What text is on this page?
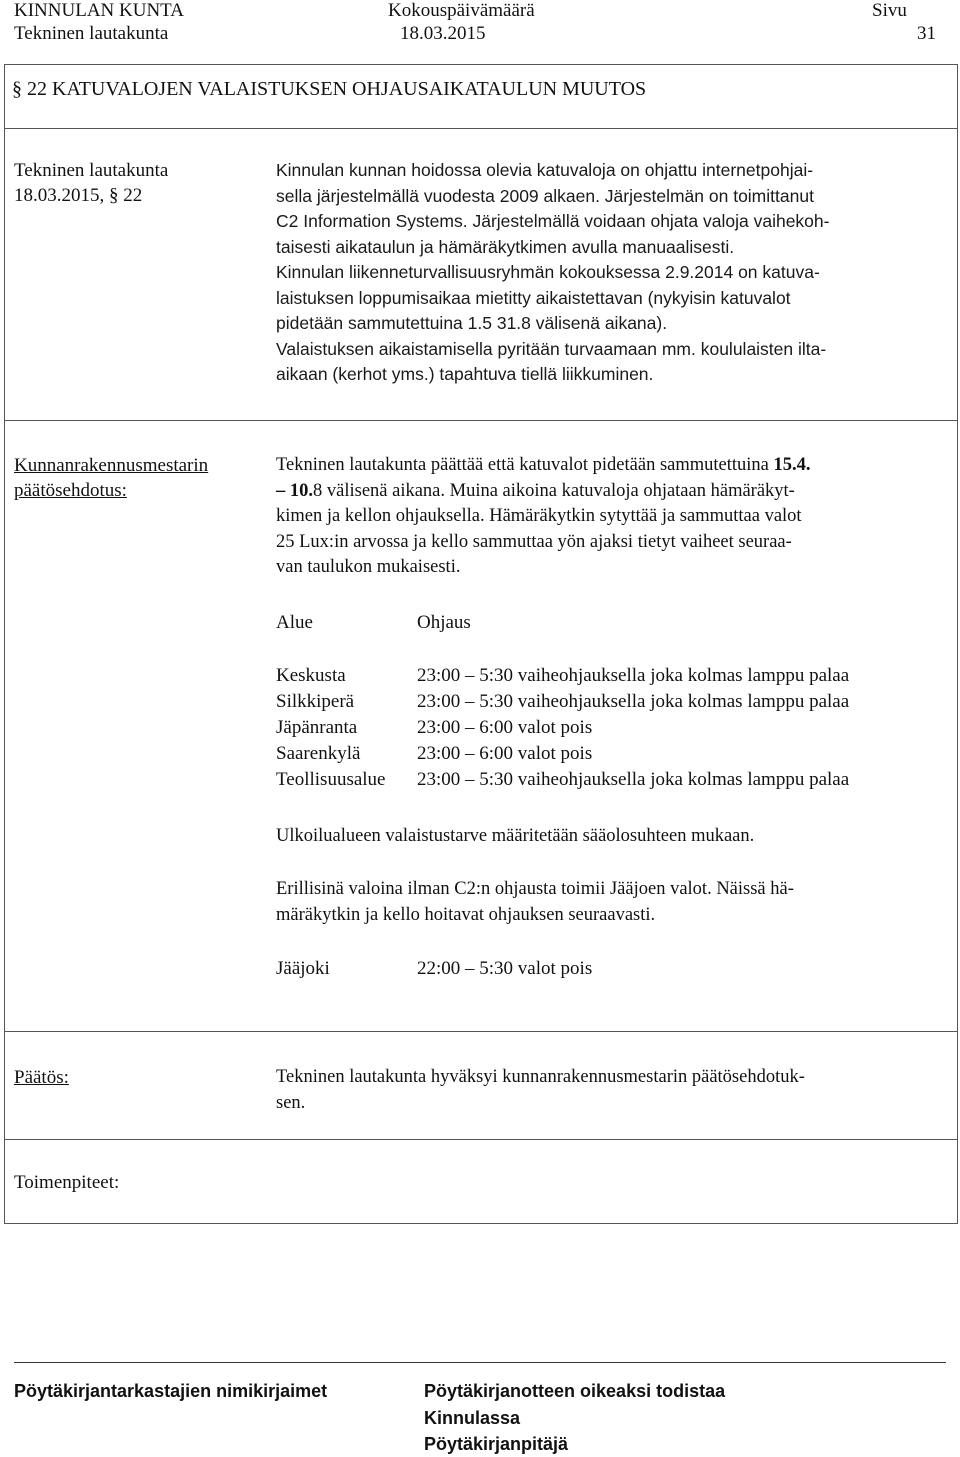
KINNULAN KUNTA	Kokouspäivämäärä	Sivu
Tekninen lautakunta	18.03.2015	31
§ 22 KATUVALOJEN VALAISTUKSEN OHJAUSAIKATAULUN MUUTOS
Tekninen lautakunta
18.03.2015, § 22
Kinnulan kunnan hoidossa olevia katuvaloja on ohjattu internetpohjai-
sella järjestelmällä vuodesta 2009 alkaen. Järjestelmän on toimittanut
C2 Information Systems. Järjestelmällä voidaan ohjata valoja vaihekoh-
taisesti aikataulun ja hämäräkytkimen avulla manuaalisesti.
Kinnulan liikenneturvallisuusryhmän kokouksessa 2.9.2014 on katuva-
laistuksen loppumisaikaa mietitty aikaistettavan (nykyisin katuvalot
pidetään sammutettuina 1.5 31.8 välisenä aikana).
Valaistuksen aikaistamisella pyritään turvaamaan mm. koululaisten ilta-
aikaan (kerhot yms.) tapahtuva tiellä liikkuminen.
Kunnanrakennusmestarin
päätösehdotus:
Tekninen lautakunta päättää että katuvalot pidetään sammutettuina 15.4.
– 10.8 välisenä aikana. Muina aikoina katuvaloja ohjataan hämäräkyt-
kimen ja kellon ohjauksella. Hämäräkytkin sytyttää ja sammuttaa valot
25 Lux:in arvossa ja kello sammuttaa yön ajaksi tietyt vaiheet seuraa-
van taulukon mukaisesti.
Alue	Ohjaus
Keskusta	23:00 – 5:30 vaiheohjauksella joka kolmas lamppu palaa
Silkkiperä	23:00 – 5:30 vaiheohjauksella joka kolmas lamppu palaa
Jäpänranta	23:00 – 6:00 valot pois
Saarenkylä	23:00 – 6:00 valot pois
Teollisuusalue 23:00 – 5:30 vaiheohjauksella joka kolmas lamppu palaa
Ulkoilualueen valaistustarve määritetään sääolosuhteen mukaan.
Erillisinä valoina ilman C2:n ohjausta toimii Jääjoen valot. Näissä hä-
märäkytkin ja kello hoitavat ohjauksen seuraavasti.
Jääjoki	22:00 – 5:30 valot pois
Päätös:	Tekninen lautakunta hyväksyi kunnanrakennusmestarin päätösehdotuk-
sen.
Toimenpiteet:
Pöytäkirjantarkastajien nimikirjaimet	Pöytäkirjanotteen oikeaksi todistaa
Kinnulassa
Pöytäkirjanpitäjä
